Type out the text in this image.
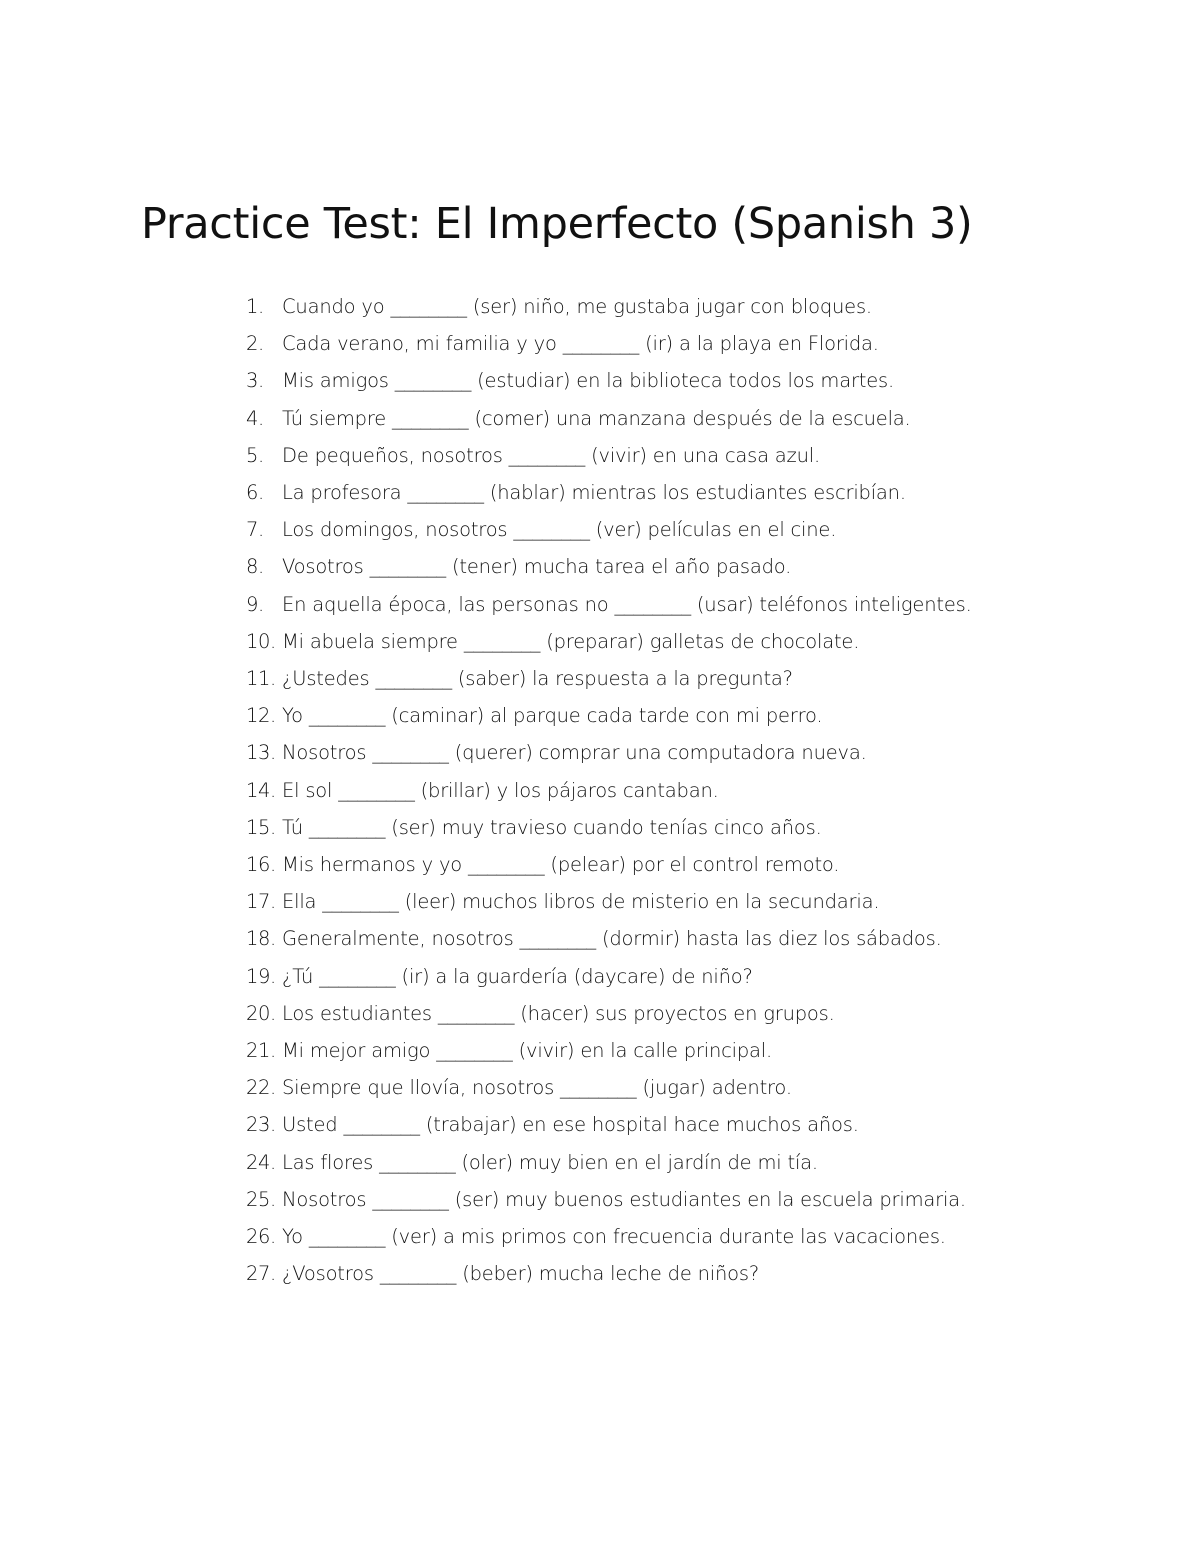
Practice Test: El Imperfecto (Spanish 3)
1. Cuando yo ________ (ser) niño, me gustaba jugar con bloques.
2. Cada verano, mi familia y yo ________ (ir) a la playa en Florida.
3. Mis amigos ________ (estudiar) en la biblioteca todos los martes.
4. Tú siempre ________ (comer) una manzana después de la escuela.
5. De pequeños, nosotros ________ (vivir) en una casa azul.
6. La profesora ________ (hablar) mientras los estudiantes escribían.
7. Los domingos, nosotros ________ (ver) películas en el cine.
8. Vosotros ________ (tener) mucha tarea el año pasado.
9. En aquella época, las personas no ________ (usar) teléfonos inteligentes.
10. Mi abuela siempre ________ (preparar) galletas de chocolate.
11. ¿Ustedes ________ (saber) la respuesta a la pregunta?
12. Yo ________ (caminar) al parque cada tarde con mi perro.
13. Nosotros ________ (querer) comprar una computadora nueva.
14. El sol ________ (brillar) y los pájaros cantaban.
15. Tú ________ (ser) muy travieso cuando tenías cinco años.
16. Mis hermanos y yo ________ (pelear) por el control remoto.
17. Ella ________ (leer) muchos libros de misterio en la secundaria.
18. Generalmente, nosotros ________ (dormir) hasta las diez los sábados.
19. ¿Tú ________ (ir) a la guardería (daycare) de niño?
20. Los estudiantes ________ (hacer) sus proyectos en grupos.
21. Mi mejor amigo ________ (vivir) en la calle principal.
22. Siempre que llovía, nosotros ________ (jugar) adentro.
23. Usted ________ (trabajar) en ese hospital hace muchos años.
24. Las flores ________ (oler) muy bien en el jardín de mi tía.
25. Nosotros ________ (ser) muy buenos estudiantes en la escuela primaria.
26. Yo ________ (ver) a mis primos con frecuencia durante las vacaciones.
27. ¿Vosotros ________ (beber) mucha leche de niños?
